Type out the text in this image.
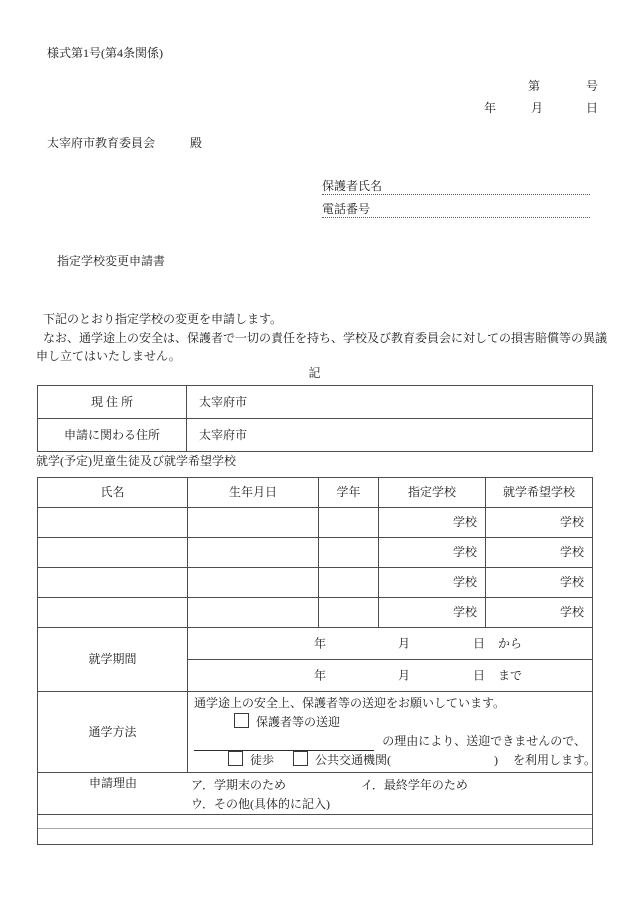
様式第1号(第4条関係)
第	号
年	月	日
太宰府市教育委員会	殿
保護者氏名
電話番号
指定学校変更申請書
下記のとおり指定学校の変更を申請します。
なお、通学途上の安全は、保護者で一切の責任を持ち、学校及び教育委員会に対しての損害賠償等の異議
申し立てはいたしません。
記
現 住 所	太宰府市
申請に関わる住所	太宰府市
就学(予定)児童生徒及び就学希望学校
氏名	生年月日	学年	指定学校	就学希望学校
			学校	学校
			学校	学校
			学校	学校
			学校	学校
就学期間	年 月 日 から			

	年 月 日 まで			

通学方法	通学途上の安全上、保護者等の送迎をお願いしています。
保護者等の送迎
の理由により、送迎できませんので、
徒歩 公共交通機関( ) を利用します。			

申請理由 ア．学期末のため イ．最終学年のため
ウ．その他(具体的に記入)				
